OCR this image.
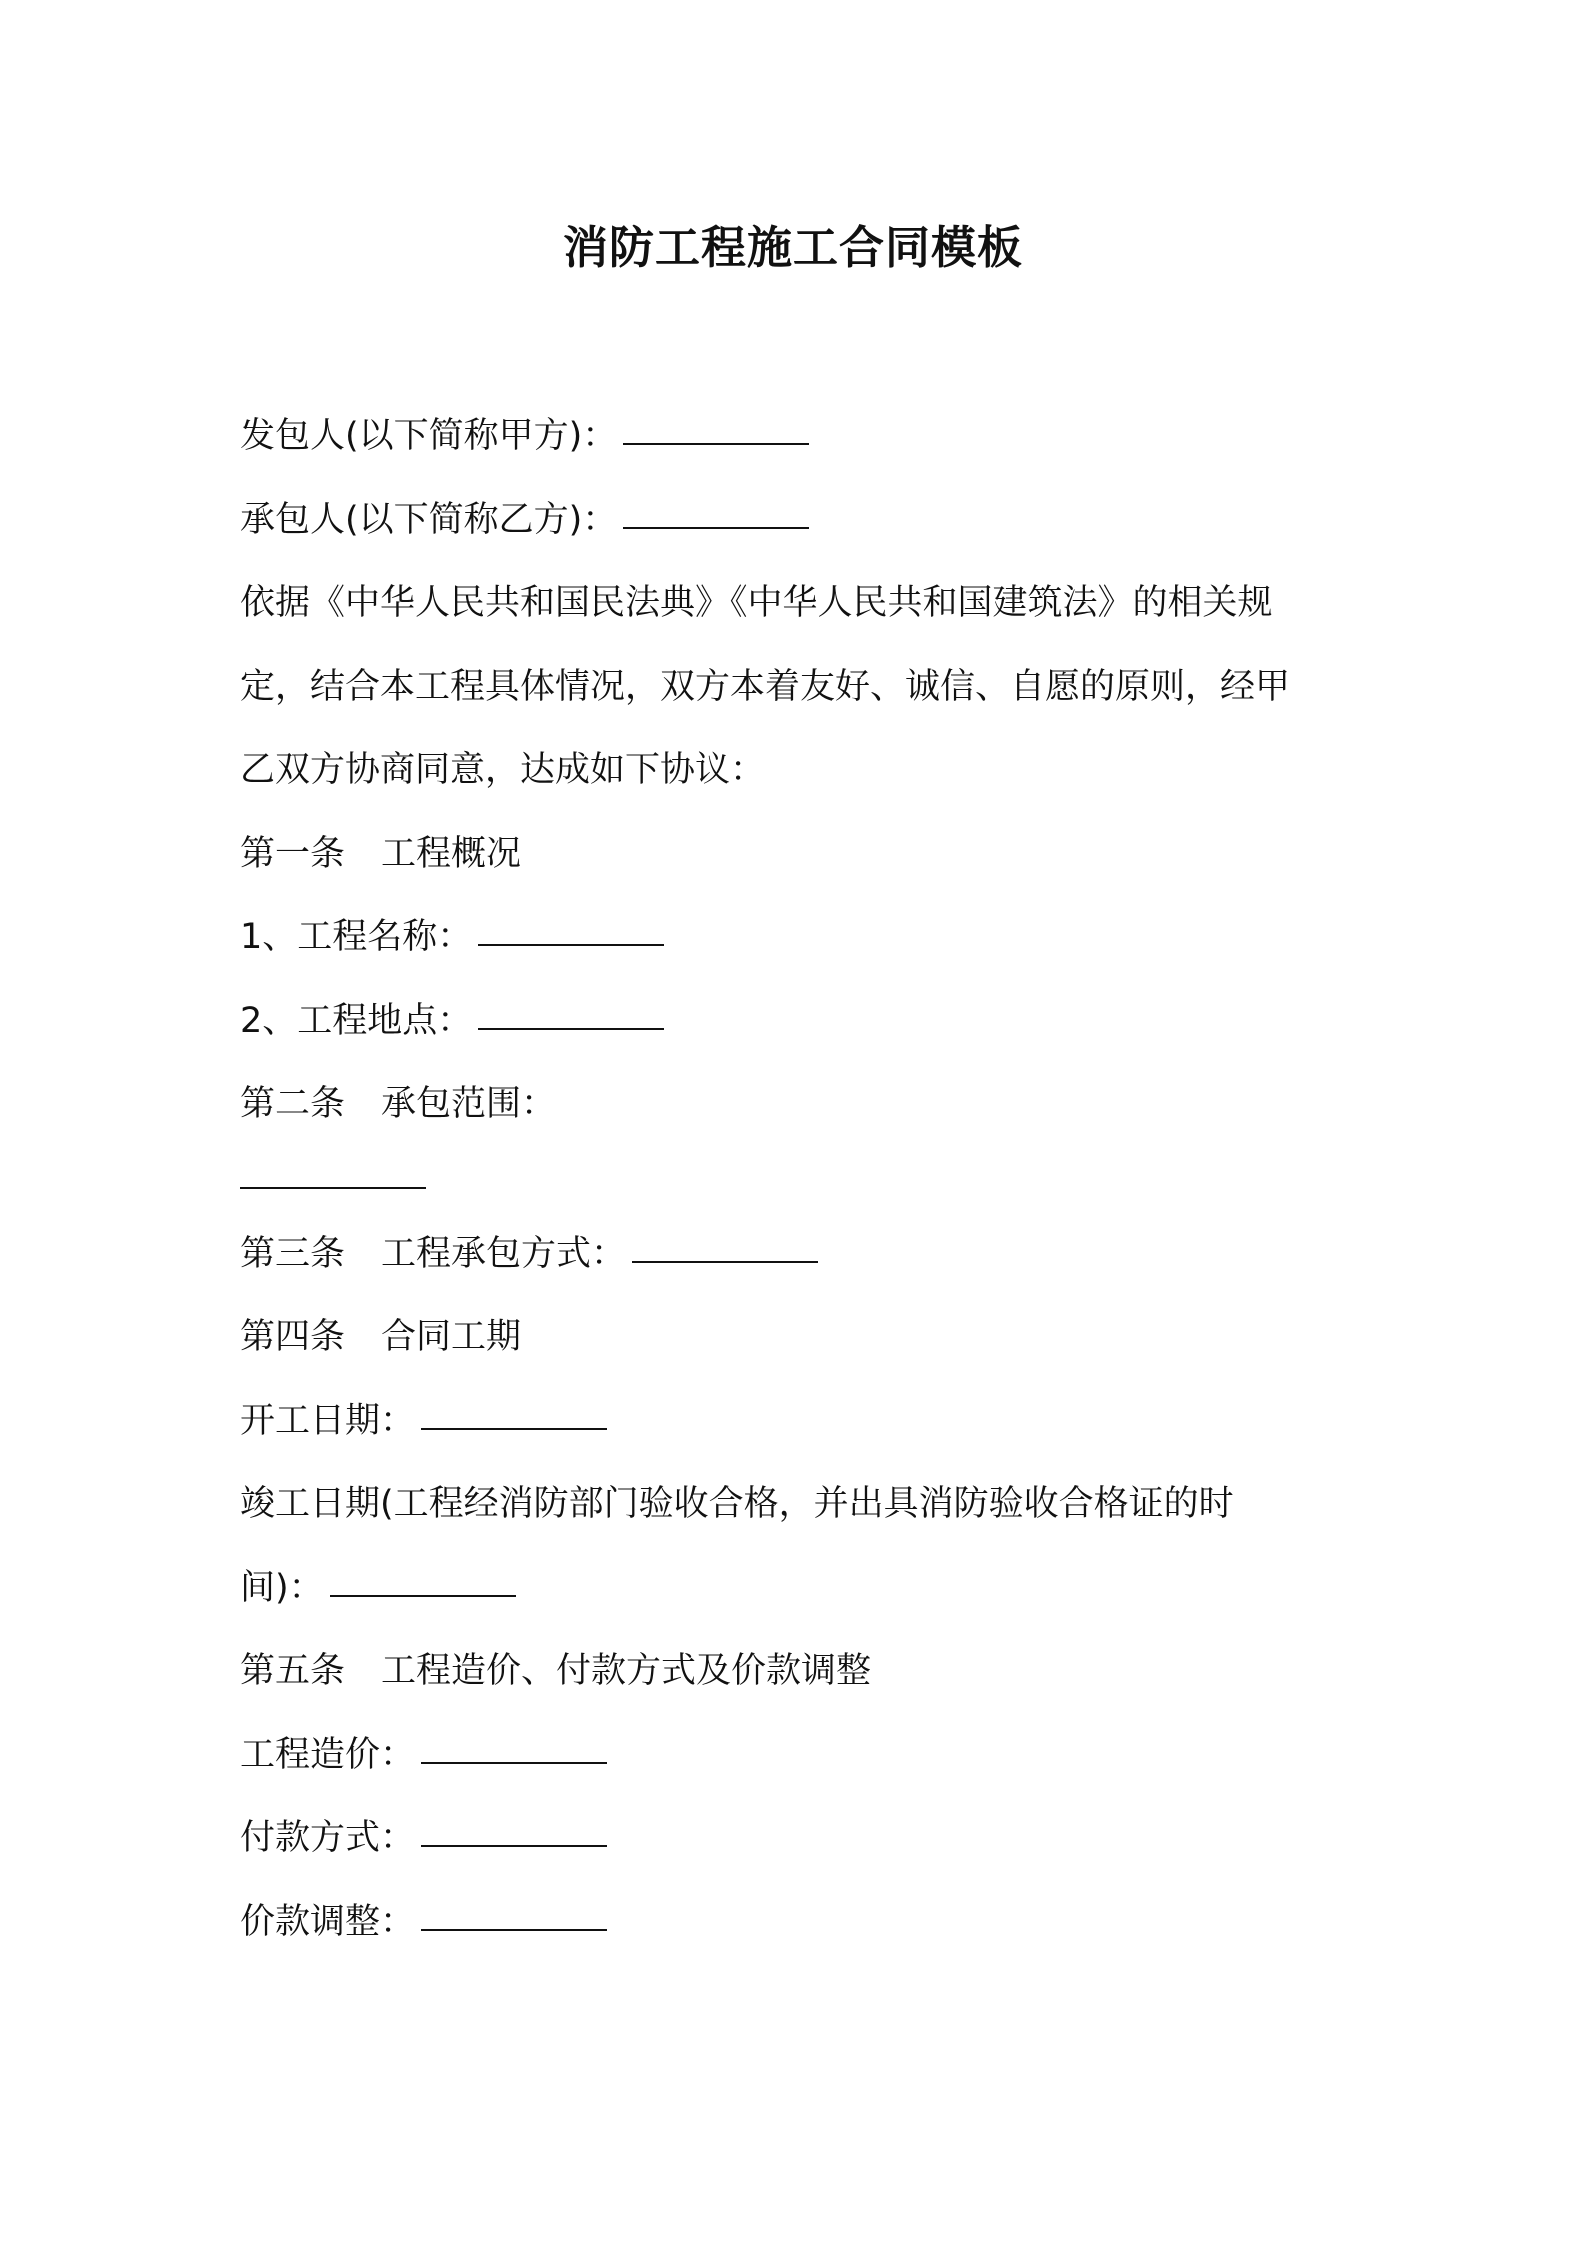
消防工程施工合同模板
发包人(以下简称甲方)：
承包人(以下简称乙方)：
依据《中华人民共和国民法典》《中华人民共和国建筑法》的相关规
定，结合本工程具体情况，双方本着友好、诚信、自愿的原则，经甲
乙双方协商同意，达成如下协议：
第一条 工程概况
1、工程名称：
2、工程地点：
第二条 承包范围：
第三条 工程承包方式：
第四条 合同工期
开工日期：
竣工日期(工程经消防部门验收合格，并出具消防验收合格证的时
间)：
第五条 工程造价、付款方式及价款调整
工程造价：
付款方式：
价款调整：
